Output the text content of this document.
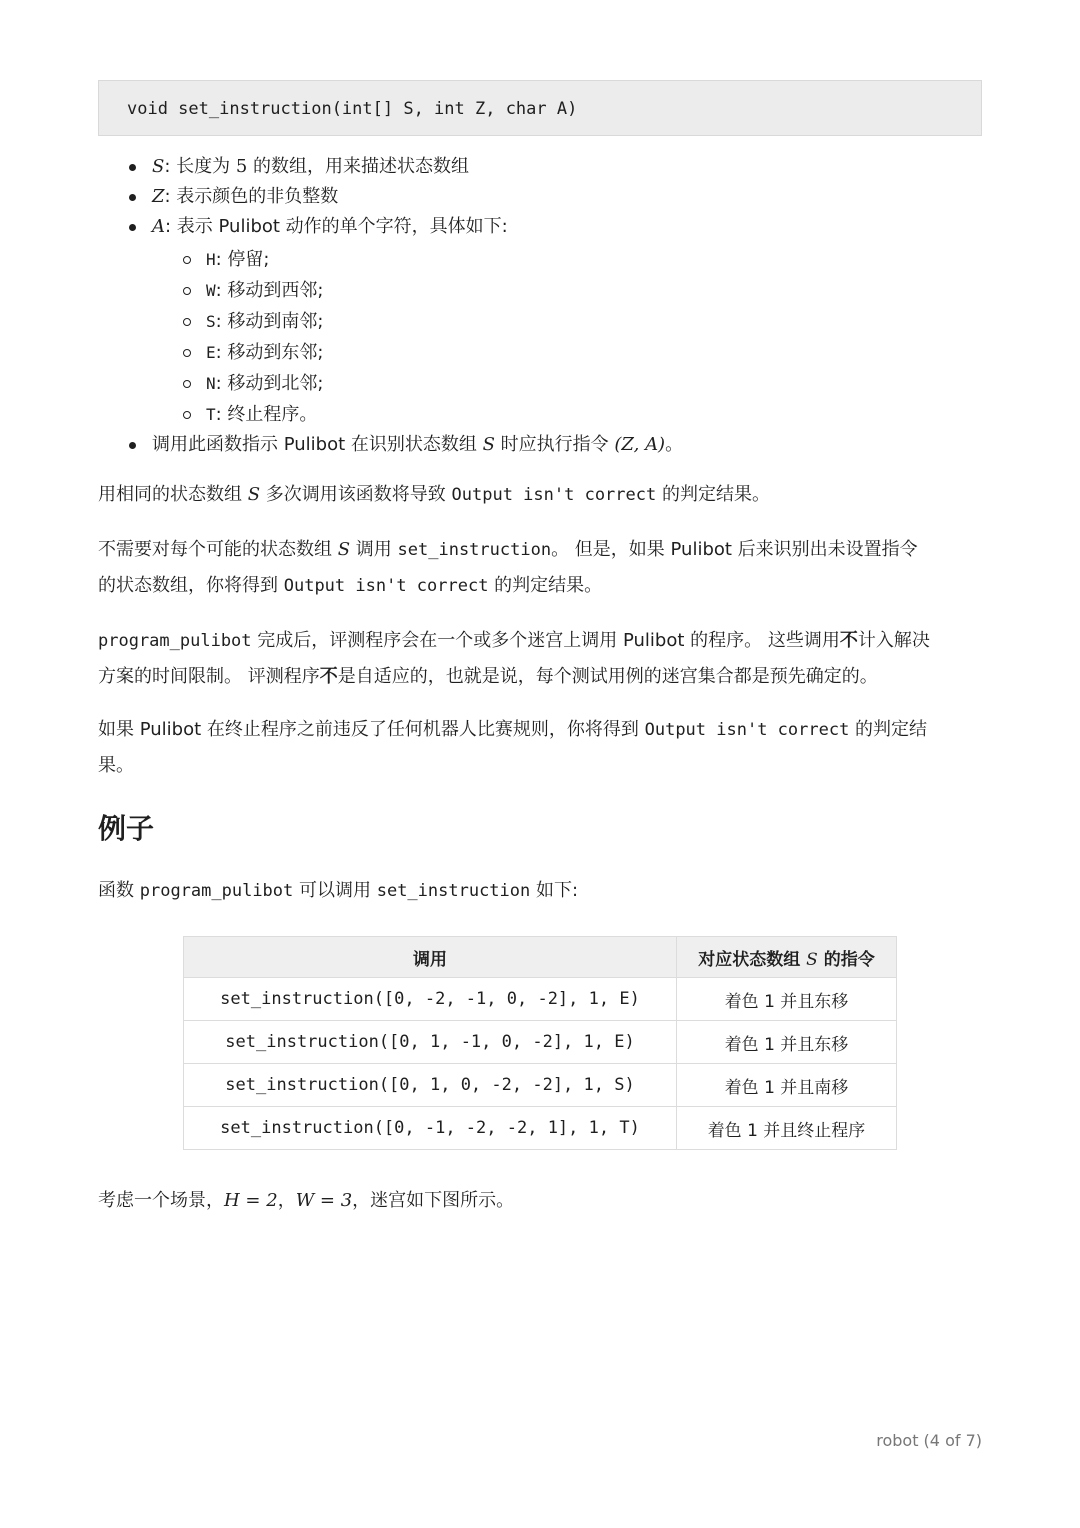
void set_instruction(int[] S, int Z, char A)
S: 长度为 5 的数组，用来描述状态数组
Z: 表示颜色的非负整数
A: 表示 Pulibot 动作的单个字符，具体如下:
H: 停留;
W: 移动到西邻;
S: 移动到南邻;
E: 移动到东邻;
N: 移动到北邻;
T: 终止程序。
调用此函数指示 Pulibot 在识别状态数组 S 时应执行指令 (Z, A)。

用相同的状态数组 S 多次调用该函数将导致 Output isn't correct 的判定结果。

不需要对每个可能的状态数组 S 调用 set_instruction。 但是，如果 Pulibot 后来识别出未设置指令
的状态数组，你将得到 Output isn't correct 的判定结果。

program_pulibot 完成后，评测程序会在一个或多个迷宫上调用 Pulibot 的程序。 这些调用不计入解决
方案的时间限制。 评测程序不是自适应的，也就是说，每个测试用例的迷宫集合都是预先确定的。

如果 Pulibot 在终止程序之前违反了任何机器人比赛规则，你将得到 Output isn't correct 的判定结
果。

例子

函数 program_pulibot 可以调用 set_instruction 如下:

调用	对应状态数组 S 的指令
set_instruction([0, -2, -1, 0, -2], 1, E)	着色 1 并且东移
set_instruction([0, 1, -1, 0, -2], 1, E)	着色 1 并且东移
set_instruction([0, 1, 0, -2, -2], 1, S)	着色 1 并且南移
set_instruction([0, -1, -2, -2, 1], 1, T)	着色 1 并且终止程序

考虑一个场景，H = 2，W = 3，迷宫如下图所示。

robot (4 of 7)
